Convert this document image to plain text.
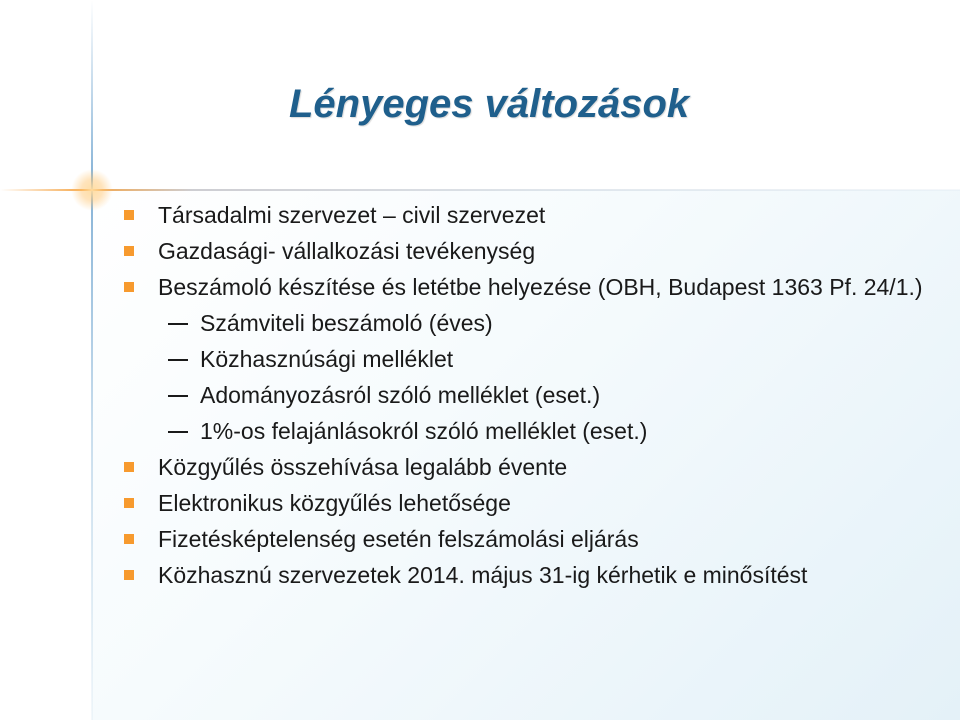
Lényeges változások
Társadalmi szervezet – civil szervezet
Gazdasági- vállalkozási tevékenység
Beszámoló készítése és letétbe helyezése (OBH, Budapest 1363 Pf. 24/1.)
Számviteli beszámoló (éves)
Közhasznúsági melléklet
Adományozásról szóló melléklet (eset.)
1%-os felajánlásokról szóló melléklet (eset.)
Közgyűlés összehívása legalább évente
Elektronikus közgyűlés lehetősége
Fizetésképtelenség esetén felszámolási eljárás
Közhasznú szervezetek 2014. május 31-ig kérhetik e minősítést
